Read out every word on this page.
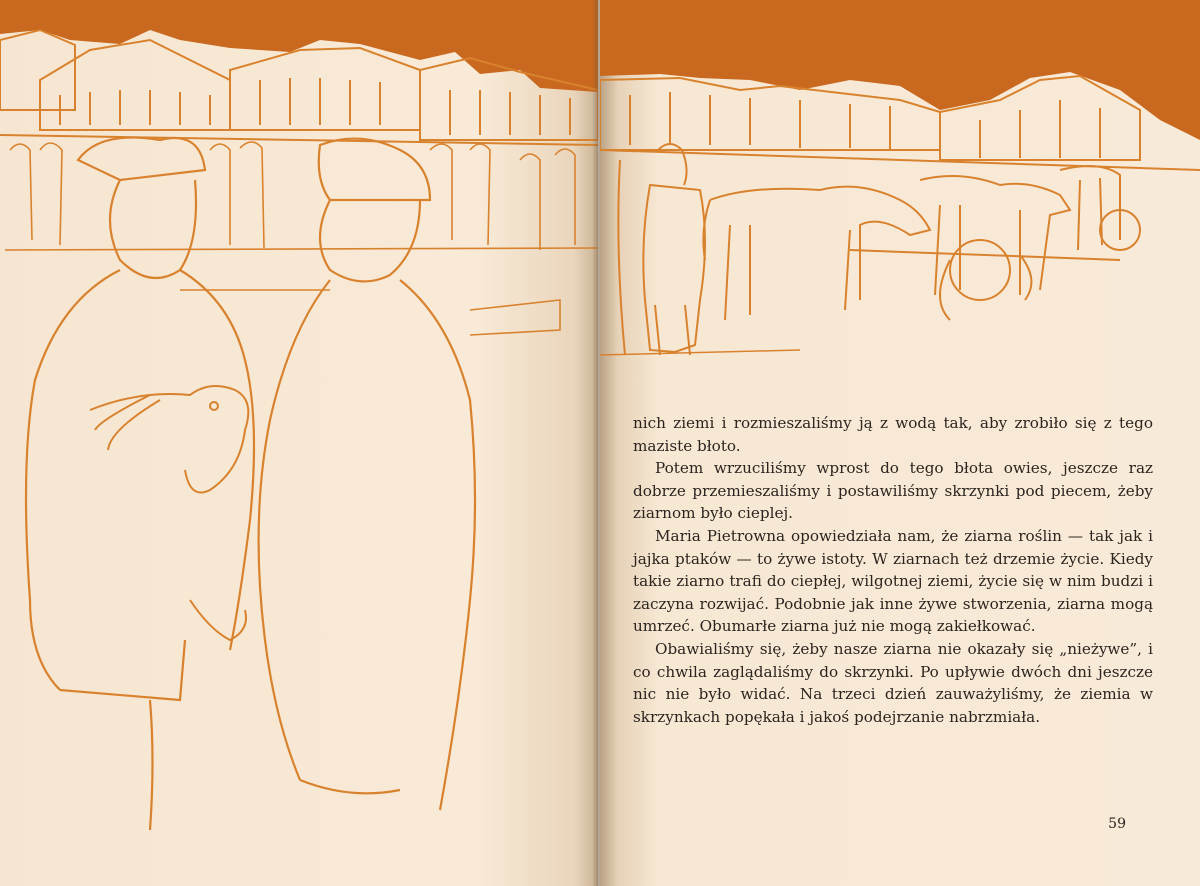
nich ziemi i rozmieszaliśmy ją z wodą tak, aby zrobiło się z tego maziste błoto.

Potem wrzuciliśmy wprost do tego błota owies, jeszcze raz dobrze przemieszaliśmy i postawiliśmy skrzynki pod piecem, żeby ziarnom było cieplej.

Maria Pietrowna opowiedziała nam, że ziarna roślin — tak jak i jajka ptaków — to żywe istoty. W ziarnach też drzemie życie. Kiedy takie ziarno trafi do ciepłej, wilgotnej ziemi, życie się w nim budzi i zaczyna rozwijać. Podobnie jak inne żywe stworzenia, ziarna mogą umrzeć. Obumarłe ziarna już nie mogą zakiełkować.

Obawialiśmy się, żeby nasze ziarna nie okazały się „nieżywe”, i co chwila zaglądaliśmy do skrzynki. Po upływie dwóch dni jeszcze nic nie było widać. Na trzeci dzień zauważyliśmy, że ziemia w skrzynkach popękała i jakoś podejrzanie nabrzmiała.

59
